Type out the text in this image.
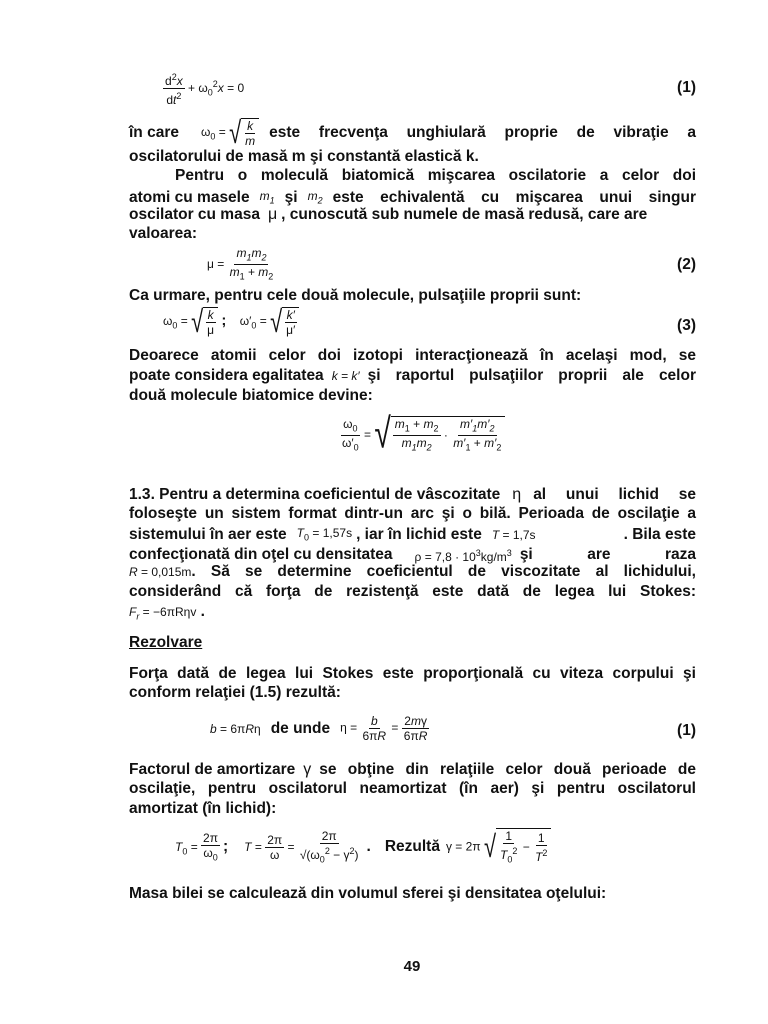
$\frac{d^2x}{dt^2} + \omega_0^2x = 0$	(1)
în care $\omega_0$ = √ $\frac{k}{m}$ este frecvenţa unghiulară proprie de vibraţie a
oscilatorului de masă m şi constantă elastică k.
Pentru o moleculă biatomică mişcarea oscilatorie a celor doi
atomi cu masele $m_1$ şi $m_2$ este echivalentă cu mişcarea unui singur
oscilator cu masa μ , cunoscută sub numele de masă redusă, care are
valoarea:
$\mu = \frac{m_1m_2}{m_1 + m_2}$	(2)
Ca urmare, pentru cele două molecule, pulsaţiile proprii sunt:
$\omega_0$ = √ $\frac{k}{\mu}$ ;    $\omega'_0$ = √ $\frac{k'}{\mu'}$	(3)
Deoarece atomii celor doi izotopi interacţionează în acelaşi mod, se
poate considera egalitatea k = k′ şi raportul pulsaţiilor proprii ale celor
două molecule biatomice devine:
$\frac{\omega_0}{\omega'_0}$ = √ $\frac{m_1 + m_2}{m_1m_2} \cdot \frac{m'_1m'_2}{m'_1 + m'_2}$
1.3 . Pentru a determina coeficientul de vâscozitate η al unui lichid se
foloseşte un sistem format dintr-un arc şi o bilă. Perioada de oscilaţie a
sistemului în aer este $T_0 = 1,57s$ , iar în lichid este T = 1,7s	. Bila este
confecţionată din oţel cu densitatea $\rho = 7,8 \cdot 10^3kg/m^3$ şi are raza
R = 0,015m . Să se determine coeficientul de viscozitate al lichidului,
considerând că forţa de rezistenţă este dată de legea lui Stokes:
$F_r = -6\pi R\eta v$ .
Rezolvare
Forţa dată de legea lui Stokes este proporţională cu viteza corpului şi
conform relaţiei (1.5) rezultă:
b = 6πRη de unde $\eta = \frac{b}{6\pi R} = \frac{2m\gamma}{6\pi R}$	(1)
Factorul de amortizare γ se obţine din relaţiile celor două perioade de
oscilaţie, pentru oscilatorul neamortizat (în aer) şi pentru oscilatorul
amortizat (în lichid):
$T_0 = \frac{2\pi}{\omega_0}$ ; $T = \frac{2\pi}{\omega} = \frac{2\pi}{√(\omega_0^2 - \gamma^2)}$ . Rezultă γ = 2π √ $\frac{1}{T_0^2} - \frac{1}{T^2}$
Masa bilei se calculează din volumul sferei şi densitatea oţelului:
49
